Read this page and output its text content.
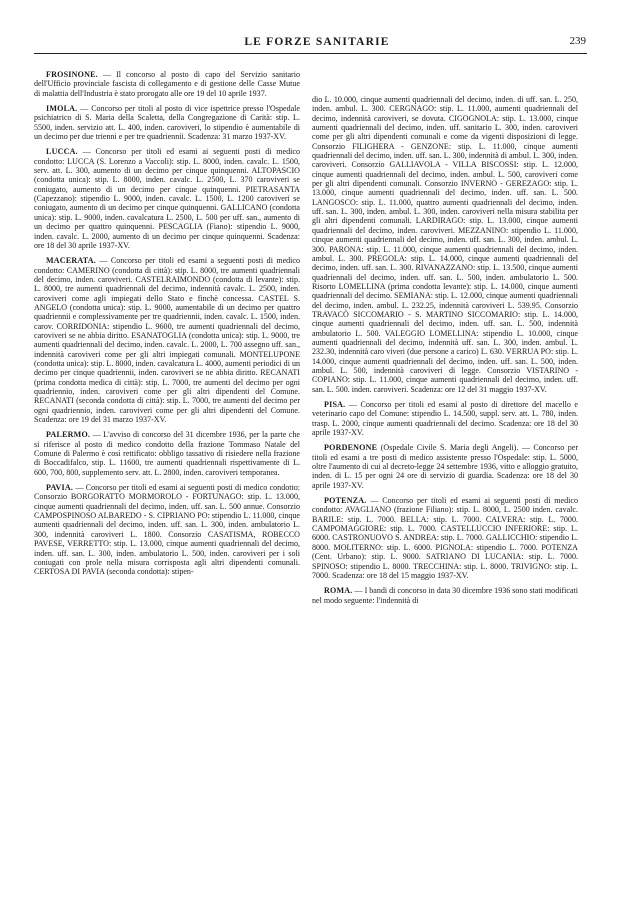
LE FORZE SANITARIE	239

FROSINONE. — Il concorso al posto di capo del Servizio sanitario dell'Ufficio provinciale fascista di collegamento e di gestione delle Casse Mutue di malattia dell'Industria è stato prorogato alle ore 19 del 10 aprile 1937.

IMOLA. — Concorso per titoli al posto di vice ispettrice presso l'Ospedale psichiatrico di S. Maria della Scaletta, della Congregazione di Carità: stip. L. 5500, inden. servizio att. L. 400, inden. caroviveri, lo stipendio è aumentabile di un decimo per due trienni e per tre quadriennii. Scadenza: 31 marzo 1937-XV.

LUCCA. — Concorso per titoli ed esami ai seguenti posti di medico condotto: LUCCA (S. Lorenzo a Vaccoli): stip. L. 8000, inden. cavalc. L. 1500, serv. att. L. 300, aumento di un decimo per cinque quinquenni. ALTOPASCIO (condotta unica): stip. L. 8000, inden. cavalc. L. 2500, L. 370 caroviveri se coniugato, aumento di un decimo per cinque quinquenni. PIETRASANTA (Capezzano): stipendio L. 9000, inden. cavalc. L. 1500, L. 1200 caroviveri se coniugato, aumento di un decimo per cinque quinquenni. GALLICANO (condotta unica): stip. L. 9000, inden. cavalcatura L. 2500, L. 500 per uff. san., aumento di un decimo per quattro quinquenni. PESCAGLIA (Fiano): stipendio L. 9000, inden. cavalc. L. 2000, aumento di un decimo per cinque quinquenni. Scadenza: ore 18 del 30 aprile 1937-XV.

MACERATA. — Concorso per titoli ed esami a seguenti posti di medico condotto: CAMERINO (condotta di città): stip. L. 8000, tre aumenti quadriennali del decimo, inden. caroviveri. CASTELRAIMONDO (condotta di levante): stip. L. 8000, tre aumenti quadriennali del decimo, indennità cavalc. L. 2500, inden. caroviveri come agli impiegati dello Stato e finchè concessa. CASTEL S. ANGELO (condotta unica): stip. L. 9000, aumentabile di un decimo per quattro quadriennii e complessivamente per tre quadriennii, inden. cavalc. L. 1500, inden. carov. CORRIDONIA: stipendio L. 9600, tre aumenti quadriennali del decimo, caroviveri se ne abbia diritto. ESANATOGLIA (condotta unica): stip. L. 9000, tre aumenti quadriennali del decimo, inden. cavalc. L. 2000, L. 700 assegno uff. san., indennità caroviveri come per gli altri impiegati comunali. MONTELUPONE (condotta unica): stip. L. 8000, inden. cavalcatura L. 4000, aumenti periodici di un decimo per cinque quadriennii, inden. caroviveri se ne abbia diritto. RECANATI (prima condotta medica di città): stip. L. 7000, tre aumenti del decimo per ogni quadriennio, inden. caroviveri come per gli altri dipendenti del Comune. RECANATI (seconda condotta di città): stip. L. 7000, tre aumenti del decimo per ogni quadriennio, inden. caroviveri come per gli altri dipendenti del Comune. Scadenza: ore 19 del 31 marzo 1937-XV.

PALERMO. — L'avviso di concorso del 31 dicembre 1936, per la parte che si riferisce al posto di medico condotto della frazione Tommaso Natale del Comune di Palermo è così rettificato: obbligo tassativo di risiedere nella frazione di Boccadifalco, stip. L. 11600, tre aumenti quadriennali rispettivamente di L. 600, 700, 800, supplemento serv. att. L. 2800, inden. caroviveri temporanea.

PAVIA. — Concorso per titoli ed esami ai seguenti posti di medico condotto: Consorzio BORGORATTO MORMOROLO - FORTUNAGO: stip. L. 13.000, cinque aumenti quadriennali del decimo, inden. uff. san. L. 500 annue. Consorzio CAMPOSPINOSO ALBAREDO - S. CIPRIANO PO: stipendio L. 11.000, cinque aumenti quadriennali del decimo, inden. uff. san. L. 300, inden. ambulatorio L. 300, indennità caroviveri L. 1800. Consorzio CASATISMA, ROBECCO PAVESE, VERRETTO: stip. L. 13.000, cinque aumenti quadriennali del decimo, inden. uff. san. L. 300, inden. ambulatorio L. 500, inden. caroviveri per i soli coniugati con prole nella misura corrisposta agli altri dipendenti comunali. CERTOSA DI PAVIA (seconda condotta): stipen-

dio L. 10.000, cinque aumenti quadriennali del decimo, inden. di uff. san. L. 250, inden. ambul. L. 300. CERGNAGO: stip. L. 11.000, aumenti quadriennali del decimo, indennità caroviveri, se dovuta. CIGOGNOLA: stip. L. 13.000, cinque aumenti quadriennali del decimo, inden. uff. sanitario L. 300, inden. caroviveri come per gli altri dipendenti comunali e come da vigenti disposizioni di legge. Consorzio FILIGHERA - GENZONE: stip. L. 11.000, cinque aumenti quadriennali del decimo, inden. uff. san. L. 300, indennità di ambul. L. 300, inden. caroviveri. Consorzio GALLIAVOLA - VILLA BISCOSSI: stip. L. 12.000, cinque aumenti quadriennali del decimo, inden. ambul. L. 500, caroviveri come per gli altri dipendenti comunali. Consorzio INVERNO - GEREZAGO: stip. L. 13.000, cinque aumenti quadriennali del decimo, inden. uff. san. L. 500. LANGOSCO: stip. L. 11.000, quattro aumenti quadriennali del decimo, inden. uff. san. L. 300, inden. ambul. L. 300, inden. caroviveri nella misura stabilita per gli altri dipendenti comunali. LARDIRAGO: stip. L. 13.000, cinque aumenti quadriennali del decimo, inden. caroviveri. MEZZANINO: stipendio L. 11.000, cinque aumenti quadriennali del decimo, inden. uff. san. L. 300, inden. ambul. L. 300. PARONA: stip. L. 11.000, cinque aumenti quadriennali del decimo, inden. ambul. L. 300. PREGOLA: stip. L. 14.000, cinque aumenti quadriennali del decimo, inden. uff. san. L. 300. RIVANAZZANO: stip. L. 13.500, cinque aumenti quadriennali del decimo, inden. uff. san. L. 500, inden. ambulatorio L. 500. Risorto LOMELLINA (prima condotta levante): stip. L. 14.000, cinque aumenti quadriennali del decimo. SEMIANA: stip. L. 12.000, cinque aumenti quadriennali del decimo, inden. ambul. L. 232.25, indennità caroviveri L. 539.95. Consorzio TRAVACÒ SICCOMARIO - S. MARTINO SICCOMARIO: stip. L. 14.000, cinque aumenti quadriennali del decimo, inden. uff. san. L. 500, indennità ambulatorio L. 500. VALEGGIO LOMELLINA: stipendio L. 10.000, cinque aumenti quadriennali del decimo, indennità uff. san. L. 300, inden. ambul. L. 232.30, indennità caro viveri (due persone a carico) L. 630. VERRUA PO: stip. L. 14.000, cinque aumenti quadriennali del decimo, inden. uff. san. L. 500, inden. ambul. L. 500, indennità caroviveri di legge. Consorzio VISTARINO - COPIANO: stip. L. 11.000, cinque aumenti quadriennali del decimo, inden. uff. san. L. 500. inden. caroviveri. Scadenza: ore 12 del 31 maggio 1937-XV.

PISA. — Concorso per titoli ed esami al posto di direttore del macello e veterinario capo del Comune: stipendio L. 14.500, suppl. serv. att. L. 780, inden. trasp. L. 2000, cinque aumenti quadriennali del decimo. Scadenza: ore 18 del 30 aprile 1937-XV.

PORDENONE (Ospedale Civile S. Maria degli Angeli). — Concorso per titoli ed esami a tre posti di medico assistente presso l'Ospedale: stip. L. 5000, oltre l'aumento di cui al decreto-legge 24 settembre 1936, vitto e alloggio gratuito, inden. di L. 15 per ogni 24 ore di servizio di guardia. Scadenza: ore 18 del 30 aprile 1937-XV.

POTENZA. — Concorso per titoli ed esami ai seguenti posti di medico condotto: AVAGLIANO (frazione Filiano): stip. L. 8000, L. 2500 inden. cavalc. BARILE: stip. L. 7000. BELLA: stip. L. 7000. CALVERA: stip. L. 7000. CAMPOMAGGIORE: stip. L. 7000. CASTELLUCCIO INFERIORE: stip. L. 6000. CASTRONUOVO S. ANDREA: stip. L. 7000. GALLICCHIO: stipendio L. 8000. MOLITERNO: stip. L. 6000. PIGNOLA: stipendio L. 7000. POTENZA (Cent. Urbano): stip. L. 9000. SATRIANO DI LUCANIA: stip. L. 7000. SPINOSO: stipendio L. 8000. TRECCHINA: stip. L. 8000. TRIVIGNO: stip. L. 7000. Scadenza: ore 18 del 15 maggio 1937-XV.

ROMA. — I bandi di concorso in data 30 dicembre 1936 sono stati modificati nel modo seguente: l'indennità di
